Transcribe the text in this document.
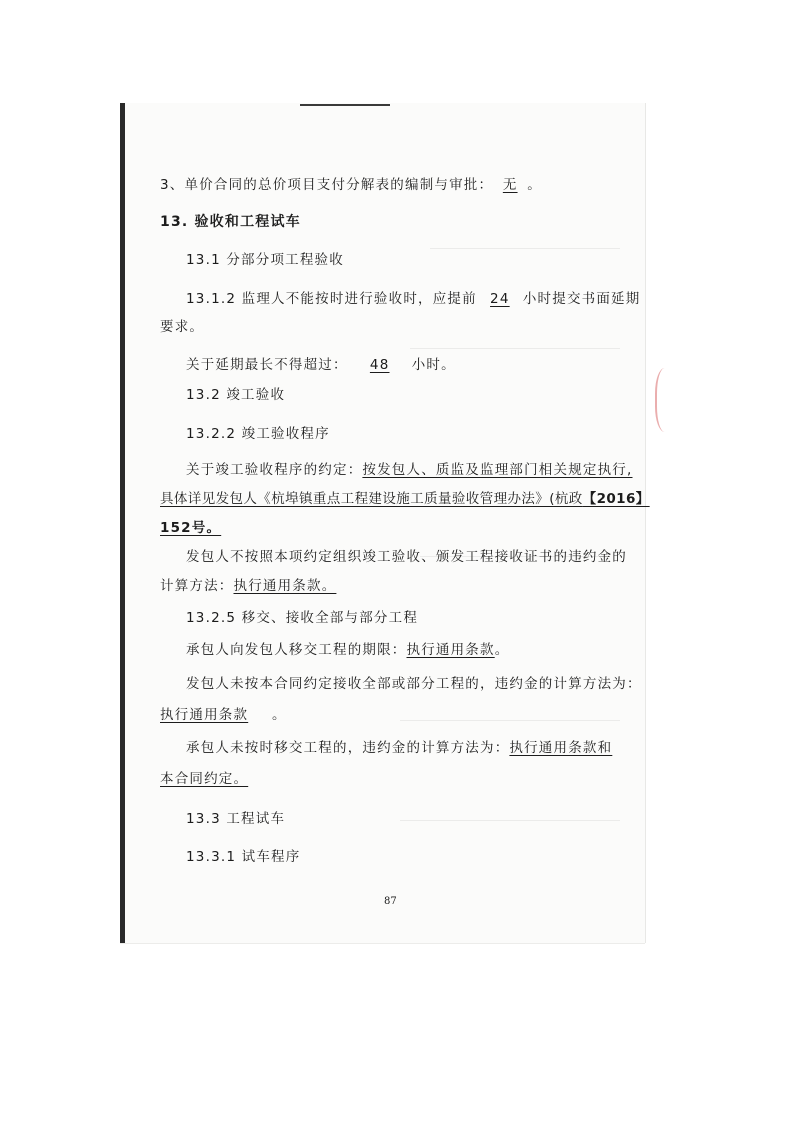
3、单价合同的总价项目支付分解表的编制与审批： 无 。
13. 验收和工程试车
13.1 分部分项工程验收
13.1.2 监理人不能按时进行验收时，应提前 24 小时提交书面延期
要求。
关于延期最长不得超过： 48 小时。
13.2 竣工验收
13.2.2 竣工验收程序
关于竣工验收程序的约定：按发包人、质监及监理部门相关规定执行,
具体详见发包人《杭埠镇重点工程建设施工质量验收管理办法》(杭政【2016】
152号。
发包人不按照本项约定组织竣工验收、颁发工程接收证书的违约金的
计算方法：执行通用条款。
13.2.5 移交、接收全部与部分工程
承包人向发包人移交工程的期限：执行通用条款。
发包人未按本合同约定接收全部或部分工程的，违约金的计算方法为：
执行通用条款 。
承包人未按时移交工程的，违约金的计算方法为：执行通用条款和
本合同约定。
13.3 工程试车
13.3.1 试车程序
87
